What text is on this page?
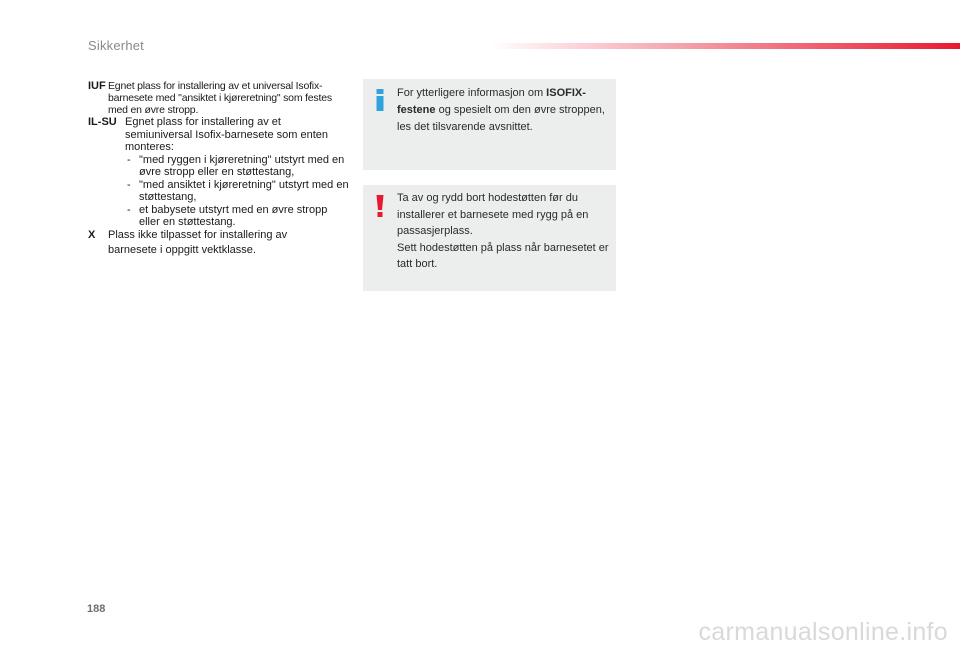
Sikkerhet
IUF Egnet plass for installering av et universal Isofix-barnesete med "ansiktet i kjøreretning" som festes med en øvre stropp.
IL-SU Egnet plass for installering av et semiuniversal Isofix-barnesete som enten monteres:
- "med ryggen i kjøreretning" utstyrt med en øvre stropp eller en støttestang,
- "med ansiktet i kjøreretning" utstyrt med en støttestang,
- et babysete utstyrt med en øvre stropp eller en støttestang.
X Plass ikke tilpasset for installering av
barnesete i oppgitt vektklasse.
For ytterligere informasjon om ISOFIX-festene og spesielt om den øvre stroppen, les det tilsvarende avsnittet.
Ta av og rydd bort hodestøtten før du installerer et barnesete med rygg på en passasjerplass.
Sett hodestøtten på plass når barnesetet er tatt bort.
188
carmanualsonline.info
